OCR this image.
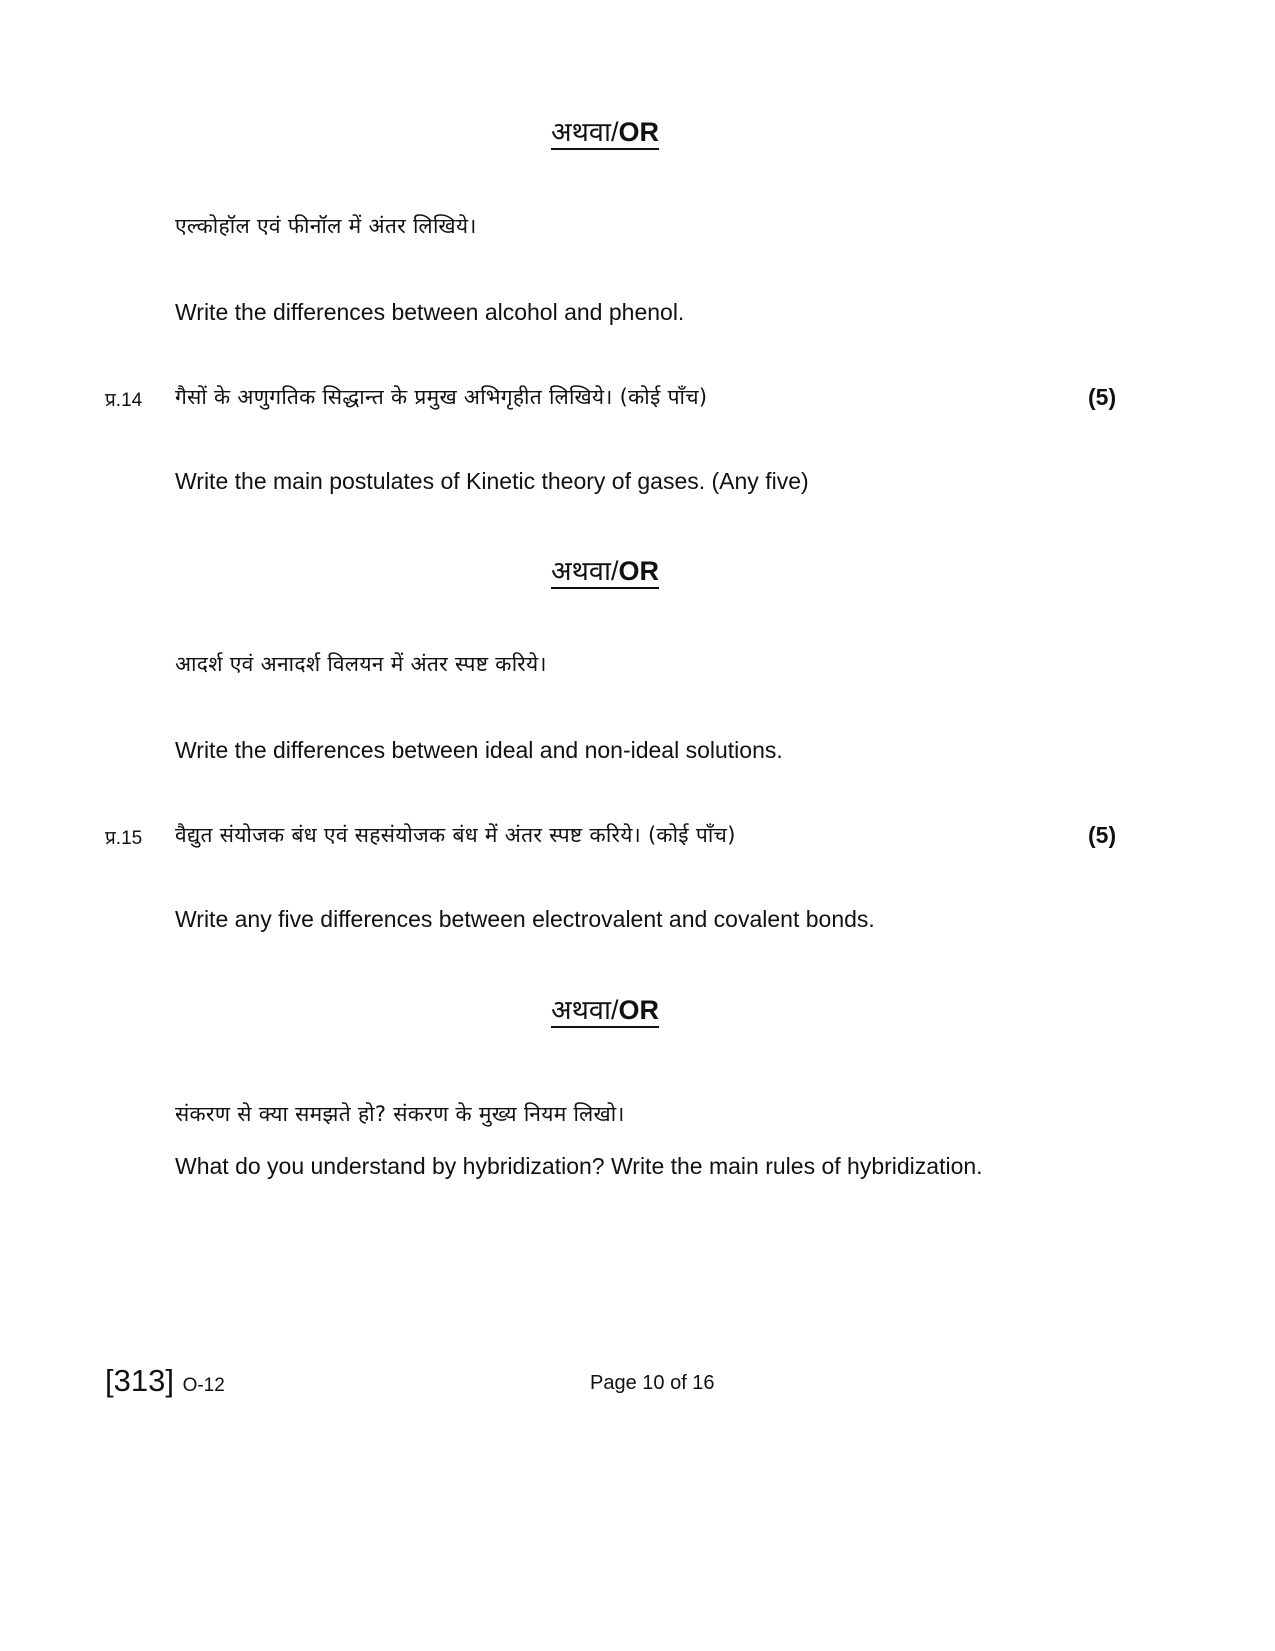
अथवा/OR
एल्कोहॉल एवं फीनॉल में अंतर लिखिये।
Write the differences between alcohol and phenol.
प्र.14 गैसों के अणुगतिक सिद्धान्त के प्रमुख अभिगृहीत लिखिये। (कोई पाँच)	(5)
Write the main postulates of Kinetic theory of gases. (Any five)
अथवा/OR
आदर्श एवं अनादर्श विलयन में अंतर स्पष्ट करिये।
Write the differences between ideal and non-ideal solutions.
प्र.15 वैद्युत संयोजक बंध एवं सहसंयोजक बंध में अंतर स्पष्ट करिये। (कोई पाँच)	(5)
Write any five differences between electrovalent and covalent bonds.
अथवा/OR
संकरण से क्या समझते हो? संकरण के मुख्य नियम लिखो।
What do you understand by hybridization? Write the main rules of hybridization.
[313] O-12	Page 10 of 16
